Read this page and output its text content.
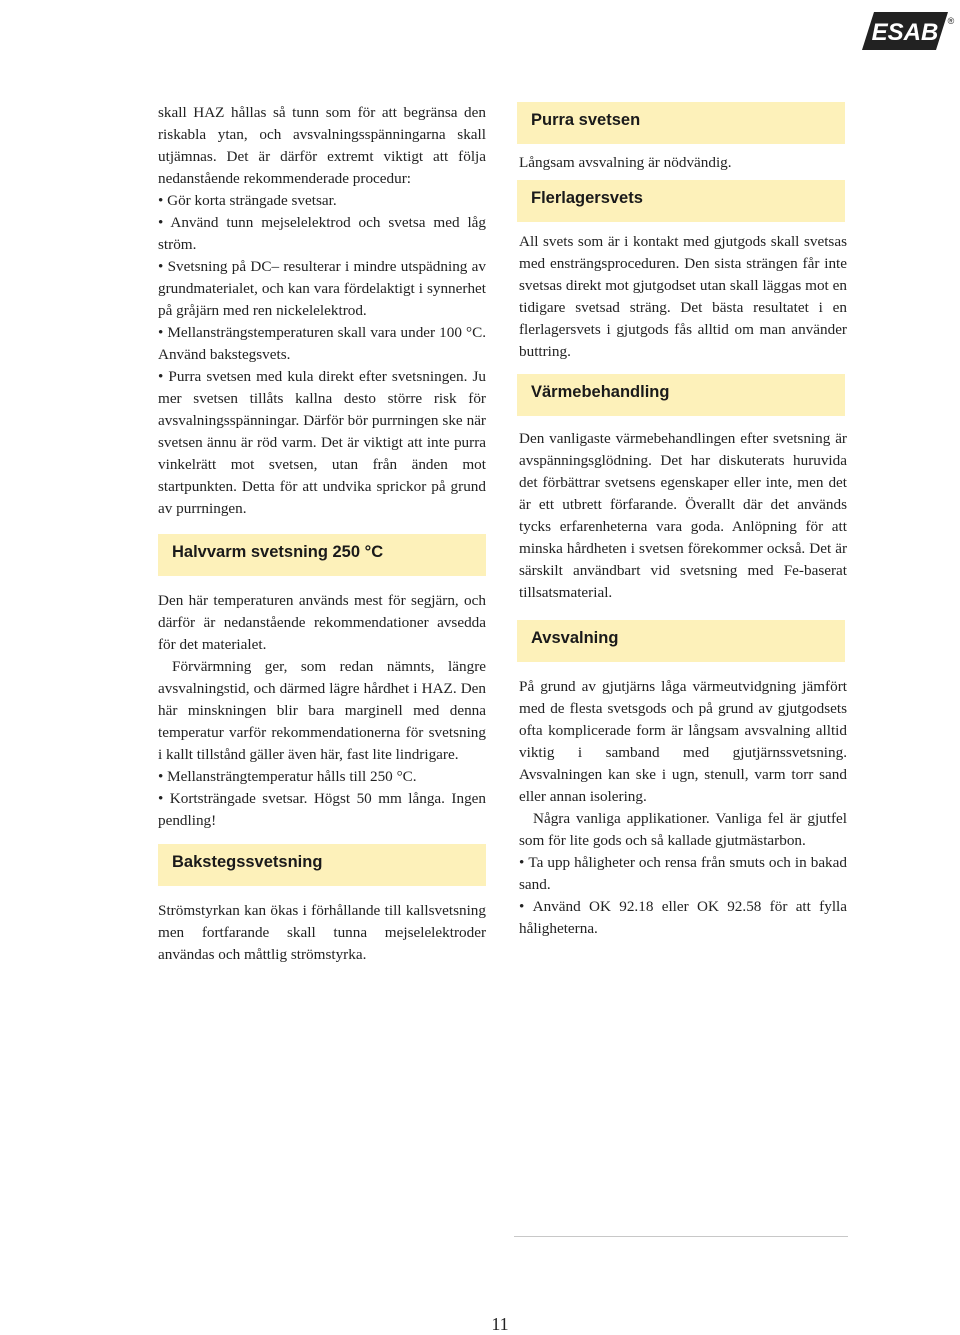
ESAB ®

skall HAZ hållas så tunn som för att begränsa den riskabla ytan, och avsvalningsspänningarna skall utjämnas. Det är därför extremt viktigt att följa nedanstående rekommenderade procedur:

• Gör korta strängade svetsar.

• Använd tunn mejselelektrod och svetsa med låg ström.

• Svetsning på DC– resulterar i mindre utspädning av grundmaterialet, och kan vara fördelaktigt i synnerhet på gråjärn med ren nickelelektrod.

• Mellansträngstemperaturen skall vara under 100 °C. Använd bakstegsvets.

• Purra svetsen med kula direkt efter svetsningen. Ju mer svetsen tillåts kallna desto större risk för avsvalningsspänningar. Därför bör purrningen ske när svetsen ännu är röd varm. Det är viktigt att inte purra vinkelrätt mot svetsen, utan från änden mot startpunkten. Detta för att undvika sprickor på grund av purrningen.

Halvvarm svetsning 250 °C

Den här temperaturen används mest för segjärn, och därför är nedanstående rekommendationer avsedda för det materialet.

Förvärmning ger, som redan nämnts, längre avsvalningstid, och därmed lägre hårdhet i HAZ. Den här minskningen blir bara marginell med denna temperatur varför rekommendationerna för svetsning i kallt tillstånd gäller även här, fast lite lindrigare.

• Mellansträngtemperatur hålls till 250 °C.

• Kortsträngade svetsar. Högst 50 mm långa. Ingen pendling!

Bakstegssvetsning

Strömstyrkan kan ökas i förhållande till kallsvetsning men fortfarande skall tunna mejselelektroder användas och måttlig strömstyrka.

Purra svetsen

Långsam avsvalning är nödvändig.

Flerlagersvets

All svets som är i kontakt med gjutgods skall svetsas med ensträngsproceduren. Den sista strängen får inte svetsas direkt mot gjutgodset utan skall läggas mot en tidigare svetsad sträng. Det bästa resultatet i en flerlagersvets i gjutgods fås alltid om man använder buttring.

Värmebehandling

Den vanligaste värmebehandlingen efter svetsning är avspänningsglödning. Det har diskuterats huruvida det förbättrar svetsens egenskaper eller inte, men det är ett utbrett förfarande. Överallt där det används tycks erfarenheterna vara goda. Anlöpning för att minska hårdheten i svetsen förekommer också. Det är särskilt användbart vid svetsning med Fe-baserat tillsatsmaterial.

Avsvalning

På grund av gjutjärns låga värmeutvidgning jämfört med de flesta svetsgods och på grund av gjutgodsets ofta komplicerade form är långsam avsvalning alltid viktig i samband med gjutjärnssvetsning. Avsvalningen kan ske i ugn, stenull, varm torr sand eller annan isolering.

Några vanliga applikationer. Vanliga fel är gjutfel som för lite gods och så kallade gjutmästarbon.

• Ta upp håligheter och rensa från smuts och in bakad sand.

• Använd OK 92.18 eller OK 92.58 för att fylla håligheterna.

11
